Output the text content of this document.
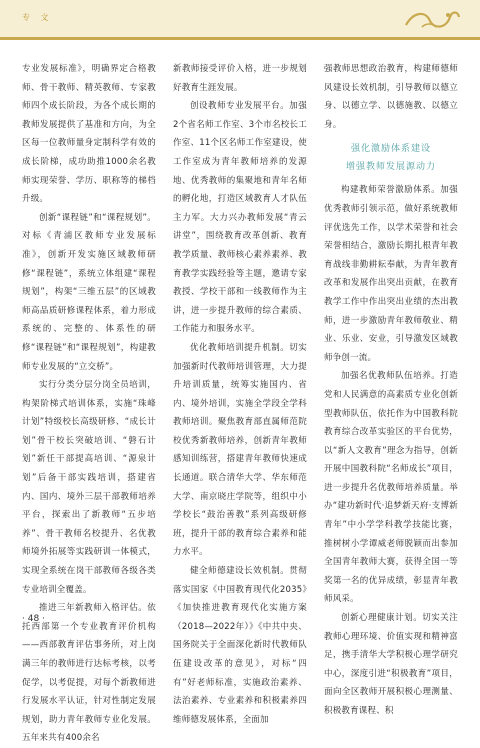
专 文

专业发展标准》，明确界定合格教师、骨干教师、精英教师、专家教师四个成长阶段，为各个成长期的教师发展提供了基准和方向，为全区每一位教师量身定制科学有效的成长阶梯，成功助推1000余名教师实现荣誉、学历、职称等的梯档升级。

创新“课程链”和“课程规划”。对标《青浦区教师专业发展标准》，创新开发实施区域教师研修“课程链”，系统立体组建“课程规划”，构架“三维五层”的区域教师高品质研修课程体系，着力形成系统的、完整的、体系性的研修“课程链”和“课程规划”，构建教师专业发展的“立交桥”。

实行分类分层分岗全员培训，构架阶梯式培训体系，实施“珠峰计划”特级校长高级研修、“成长计划”骨干校长突破培训、“磐石计划”新任干部提高培训、“源泉计划”后备干部实践培训，搭建省内、国内、境外三层干部教师培养平台，探索出了新教师“五步培养”、骨干教师名校提升、名优教师境外拓展等实践研训一体模式，实现全系统在岗干部教师各级各类专业培训全覆盖。

推进三年新教师入格评估。依托西部第一个专业教育评价机构——西部教育评估事务所，对上岗满三年的教师进行达标考核，以考促学，以考促提，对每个新教师进行发展水平认证，针对性制定发展规划，助力青年教师专业化发展。五年来共有400余名

新教师接受评价入格，进一步规划好教育生涯发展。

创设教师专业发展平台。加强2个省名师工作室、3个市名校长工作室、11个区名师工作室建设，使工作室成为青年教师培养的发源地、优秀教师的集聚地和青年名师的孵化地，打造区域教育人才队伍主力军。大力兴办教师发展“青云讲堂”，围绕教育改革创新、教育教学质量、教师核心素养素养、教育教学实践经验等主题，邀请专家教授、学校干部和一线教师作为主讲，进一步提升教师的综合素质、工作能力和服务水平。

优化教师培训提升机制。切实加强新时代教师培训管理，大力提升培训质量，统筹实施国内、省内、境外培训，实施全学段全学科教师培训。聚焦教育部直属师范院校优秀新教师培养，创新青年教师感知训练营，搭建青年教师快速成长通道。联合清华大学、华东师范大学、南京晓庄学院等，组织中小学校长“鼓治善教”系列高级研修班，提升干部的教育综合素养和能力水平。

健全师德建设长效机制。贯彻落实国家《中国教育现代化2035》《加快推进教育现代化实施方案（2018—2022年）》《中共中央、国务院关于全面深化新时代教师队伍建设改革的意见》，对标“四有”好老师标准，实施政治素养、法治素养、专业素养和积极素养四维师德发展体系，全面加

强教师思想政治教育，构建师德师风建设长效机制，引导教师以德立身、以德立学、以德施教、以德立身。

强化激励体系建设
增强教师发展源动力

构建教师荣誉激励体系。加强优秀教师引领示范，做好系统教师评优选先工作，以学术荣誉和社会荣誉相结合，激励长期扎根青年教育战线非勤耕耘奉献，为青年教育改革和发展作出突出贡献，在教育教学工作中作出突出业绩的杰出教师，进一步激励青年教师敬业、精业、乐业、安业，引导激发区域教师争创一流。

加强名优教师队伍培养。打造党和人民满意的高素质专业化创新型教师队伍，依托作为中国教科院教育综合改革实验区的平台优势，以“新人文教育”理念为指导，创新开展中国教科院“名师成长”项目，进一步提升名优教师培养质量。举办“建功新时代·追梦新天府·支博新青年”中小学学科教学技能比赛，推树树小学谭威老师脱颖而出参加全国青年教师大赛，获得全国一等奖第一名的优异成绩，彰显青年教师风采。

创新心理健康计划。切实关注教师心理环境、价值实现和精神富足，携手清华大学积极心理学研究中心，深度引进“积极教育”项目，面向全区教师开展积极心理测量、积极教育课程、积

· 48 ·
